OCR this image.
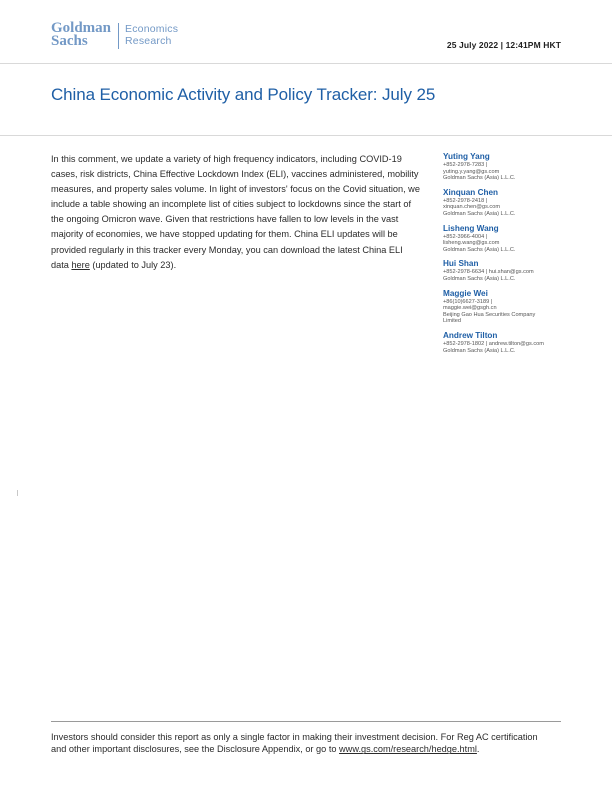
Goldman
Sachs
Economics
Research	25 July 2022 | 12:41PM HKT
China Economic Activity and Policy Tracker: July 25
In this comment, we update a variety of high frequency indicators, including COVID-19 cases, risk districts, China Effective Lockdown Index (ELI), vaccines administered, mobility measures, and property sales volume. In light of investors' focus on the Covid situation, we include a table showing an incomplete list of cities subject to lockdowns since the start of the ongoing Omicron wave. Given that restrictions have fallen to low levels in the vast majority of economies, we have stopped updating for them. China ELI updates will be provided regularly in this tracker every Monday, you can download the latest China ELI data here (updated to July 23).
Yuting Yang
+852-2978-7283 |
yuting.y.yang@gs.com
Goldman Sachs (Asia) L.L.C.
Xinquan Chen
+852-2978-2418 |
xinquan.chen@gs.com
Goldman Sachs (Asia) L.L.C.
Lisheng Wang
+852-3966-4004 |
lisheng.wang@gs.com
Goldman Sachs (Asia) L.L.C.
Hui Shan
+852-2978-6634 | hui.shan@gs.com
Goldman Sachs (Asia) L.L.C.
Maggie Wei
+86(10)6627-3189 |
maggie.wei@gsgh.cn
Beijing Gao Hua Securities Company
Limited
Andrew Tilton
+852-2978-1802 | andrew.tilton@gs.com
Goldman Sachs (Asia) L.L.C.
Investors should consider this report as only a single factor in making their investment decision. For Reg AC certification and other important disclosures, see the Disclosure Appendix, or go to www.gs.com/research/hedge.html.
